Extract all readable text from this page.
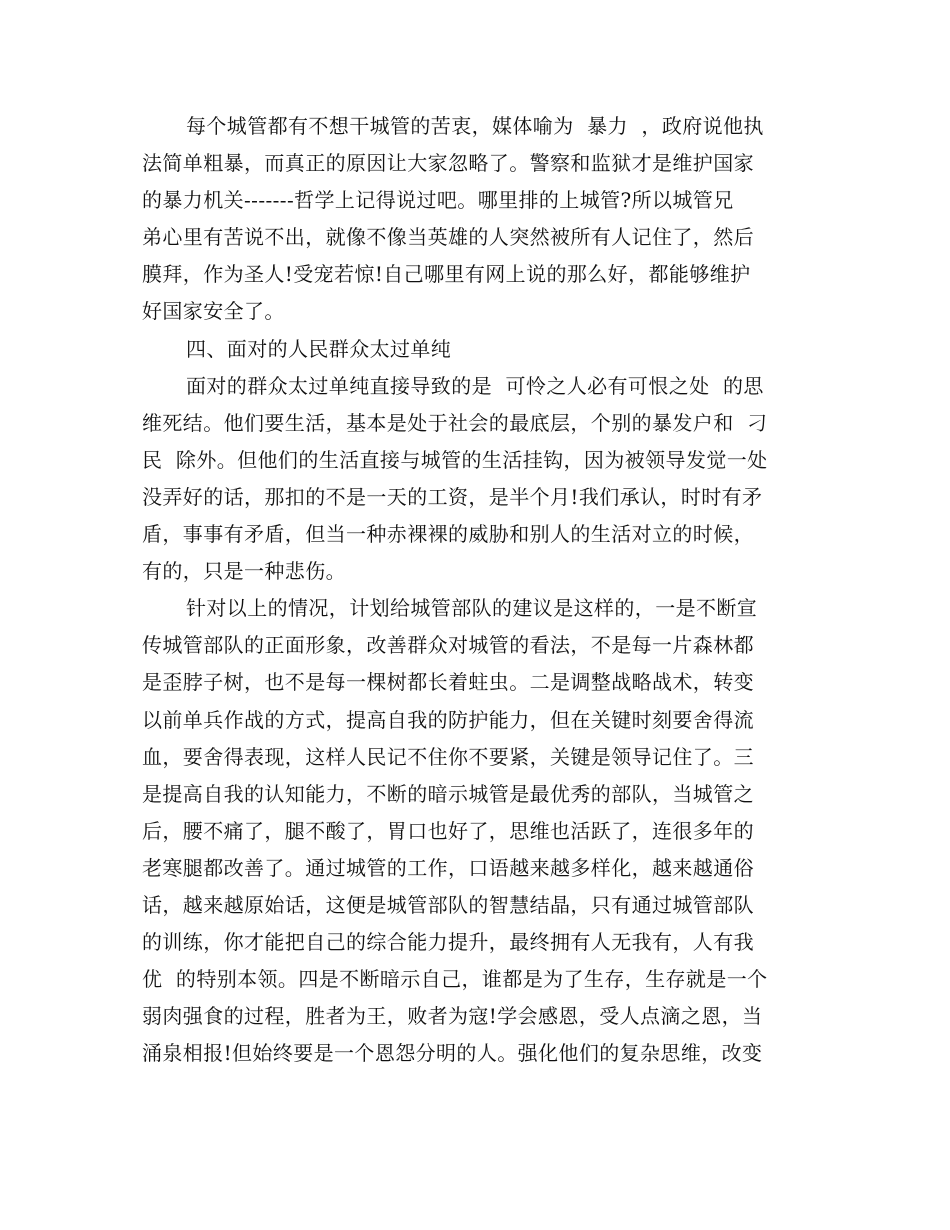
每个城管都有不想干城管的苦衷，媒体喻为  暴力  ，政府说他执
法简单粗暴，而真正的原因让大家忽略了。警察和监狱才是维护国家
的暴力机关-------哲学上记得说过吧。哪里排的上城管?所以城管兄
弟心里有苦说不出，就像不像当英雄的人突然被所有人记住了，然后
膜拜，作为圣人!受宠若惊!自己哪里有网上说的那么好，都能够维护
好国家安全了。
四、面对的人民群众太过单纯
面对的群众太过单纯直接导致的是  可怜之人必有可恨之处  的思
维死结。他们要生活，基本是处于社会的最底层，个别的暴发户和  刁
民  除外。但他们的生活直接与城管的生活挂钩，因为被领导发觉一处
没弄好的话，那扣的不是一天的工资，是半个月!我们承认，时时有矛
盾，事事有矛盾，但当一种赤裸裸的威胁和别人的生活对立的时候，
有的，只是一种悲伤。
针对以上的情况，计划给城管部队的建议是这样的，一是不断宣
传城管部队的正面形象，改善群众对城管的看法，不是每一片森林都
是歪脖子树，也不是每一棵树都长着蛀虫。二是调整战略战术，转变
以前单兵作战的方式，提高自我的防护能力，但在关键时刻要舍得流
血，要舍得表现，这样人民记不住你不要紧，关键是领导记住了。三
是提高自我的认知能力，不断的暗示城管是最优秀的部队，当城管之
后，腰不痛了，腿不酸了，胃口也好了，思维也活跃了，连很多年的
老寒腿都改善了。通过城管的工作，口语越来越多样化，越来越通俗
话，越来越原始话，这便是城管部队的智慧结晶，只有通过城管部队
的训练，你才能把自己的综合能力提升，最终拥有人无我有，人有我
优  的特别本领。四是不断暗示自己，谁都是为了生存，生存就是一个
弱肉强食的过程，胜者为王，败者为寇!学会感恩，受人点滴之恩，当
涌泉相报!但始终要是一个恩怨分明的人。强化他们的复杂思维，改变
